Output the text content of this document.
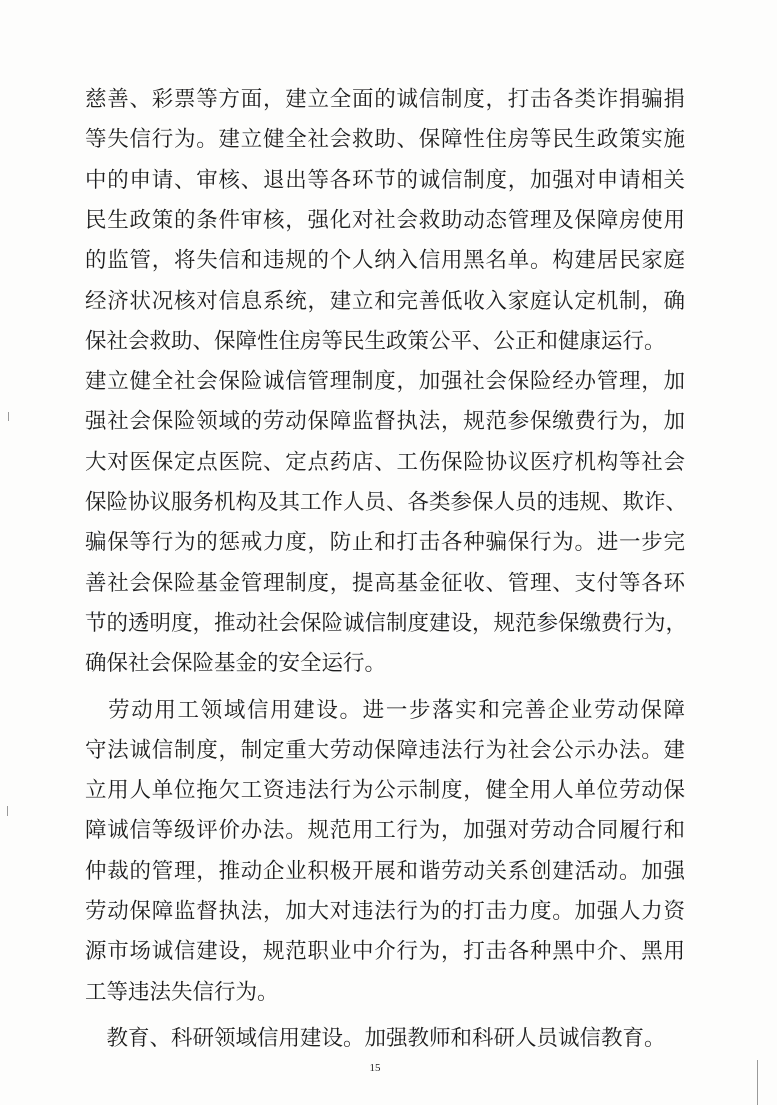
慈善、彩票等方面，建立全面的诚信制度，打击各类诈捐骗捐
等失信行为。建立健全社会救助、保障性住房等民生政策实施
中的申请、审核、退出等各环节的诚信制度，加强对申请相关
民生政策的条件审核，强化对社会救助动态管理及保障房使用
的监管，将失信和违规的个人纳入信用黑名单。构建居民家庭
经济状况核对信息系统，建立和完善低收入家庭认定机制，确
保社会救助、保障性住房等民生政策公平、公正和健康运行。
建立健全社会保险诚信管理制度，加强社会保险经办管理，加
强社会保险领域的劳动保障监督执法，规范参保缴费行为，加
大对医保定点医院、定点药店、工伤保险协议医疗机构等社会
保险协议服务机构及其工作人员、各类参保人员的违规、欺诈、
骗保等行为的惩戒力度，防止和打击各种骗保行为。进一步完
善社会保险基金管理制度，提高基金征收、管理、支付等各环
节的透明度，推动社会保险诚信制度建设，规范参保缴费行为，
确保社会保险基金的安全运行。
　劳动用工领域信用建设。进一步落实和完善企业劳动保障
守法诚信制度，制定重大劳动保障违法行为社会公示办法。建
立用人单位拖欠工资违法行为公示制度，健全用人单位劳动保
障诚信等级评价办法。规范用工行为，加强对劳动合同履行和
仲裁的管理，推动企业积极开展和谐劳动关系创建活动。加强
劳动保障监督执法，加大对违法行为的打击力度。加强人力资
源市场诚信建设，规范职业中介行为，打击各种黑中介、黑用
工等违法失信行为。
　教育、科研领域信用建设。加强教师和科研人员诚信教育。
15
